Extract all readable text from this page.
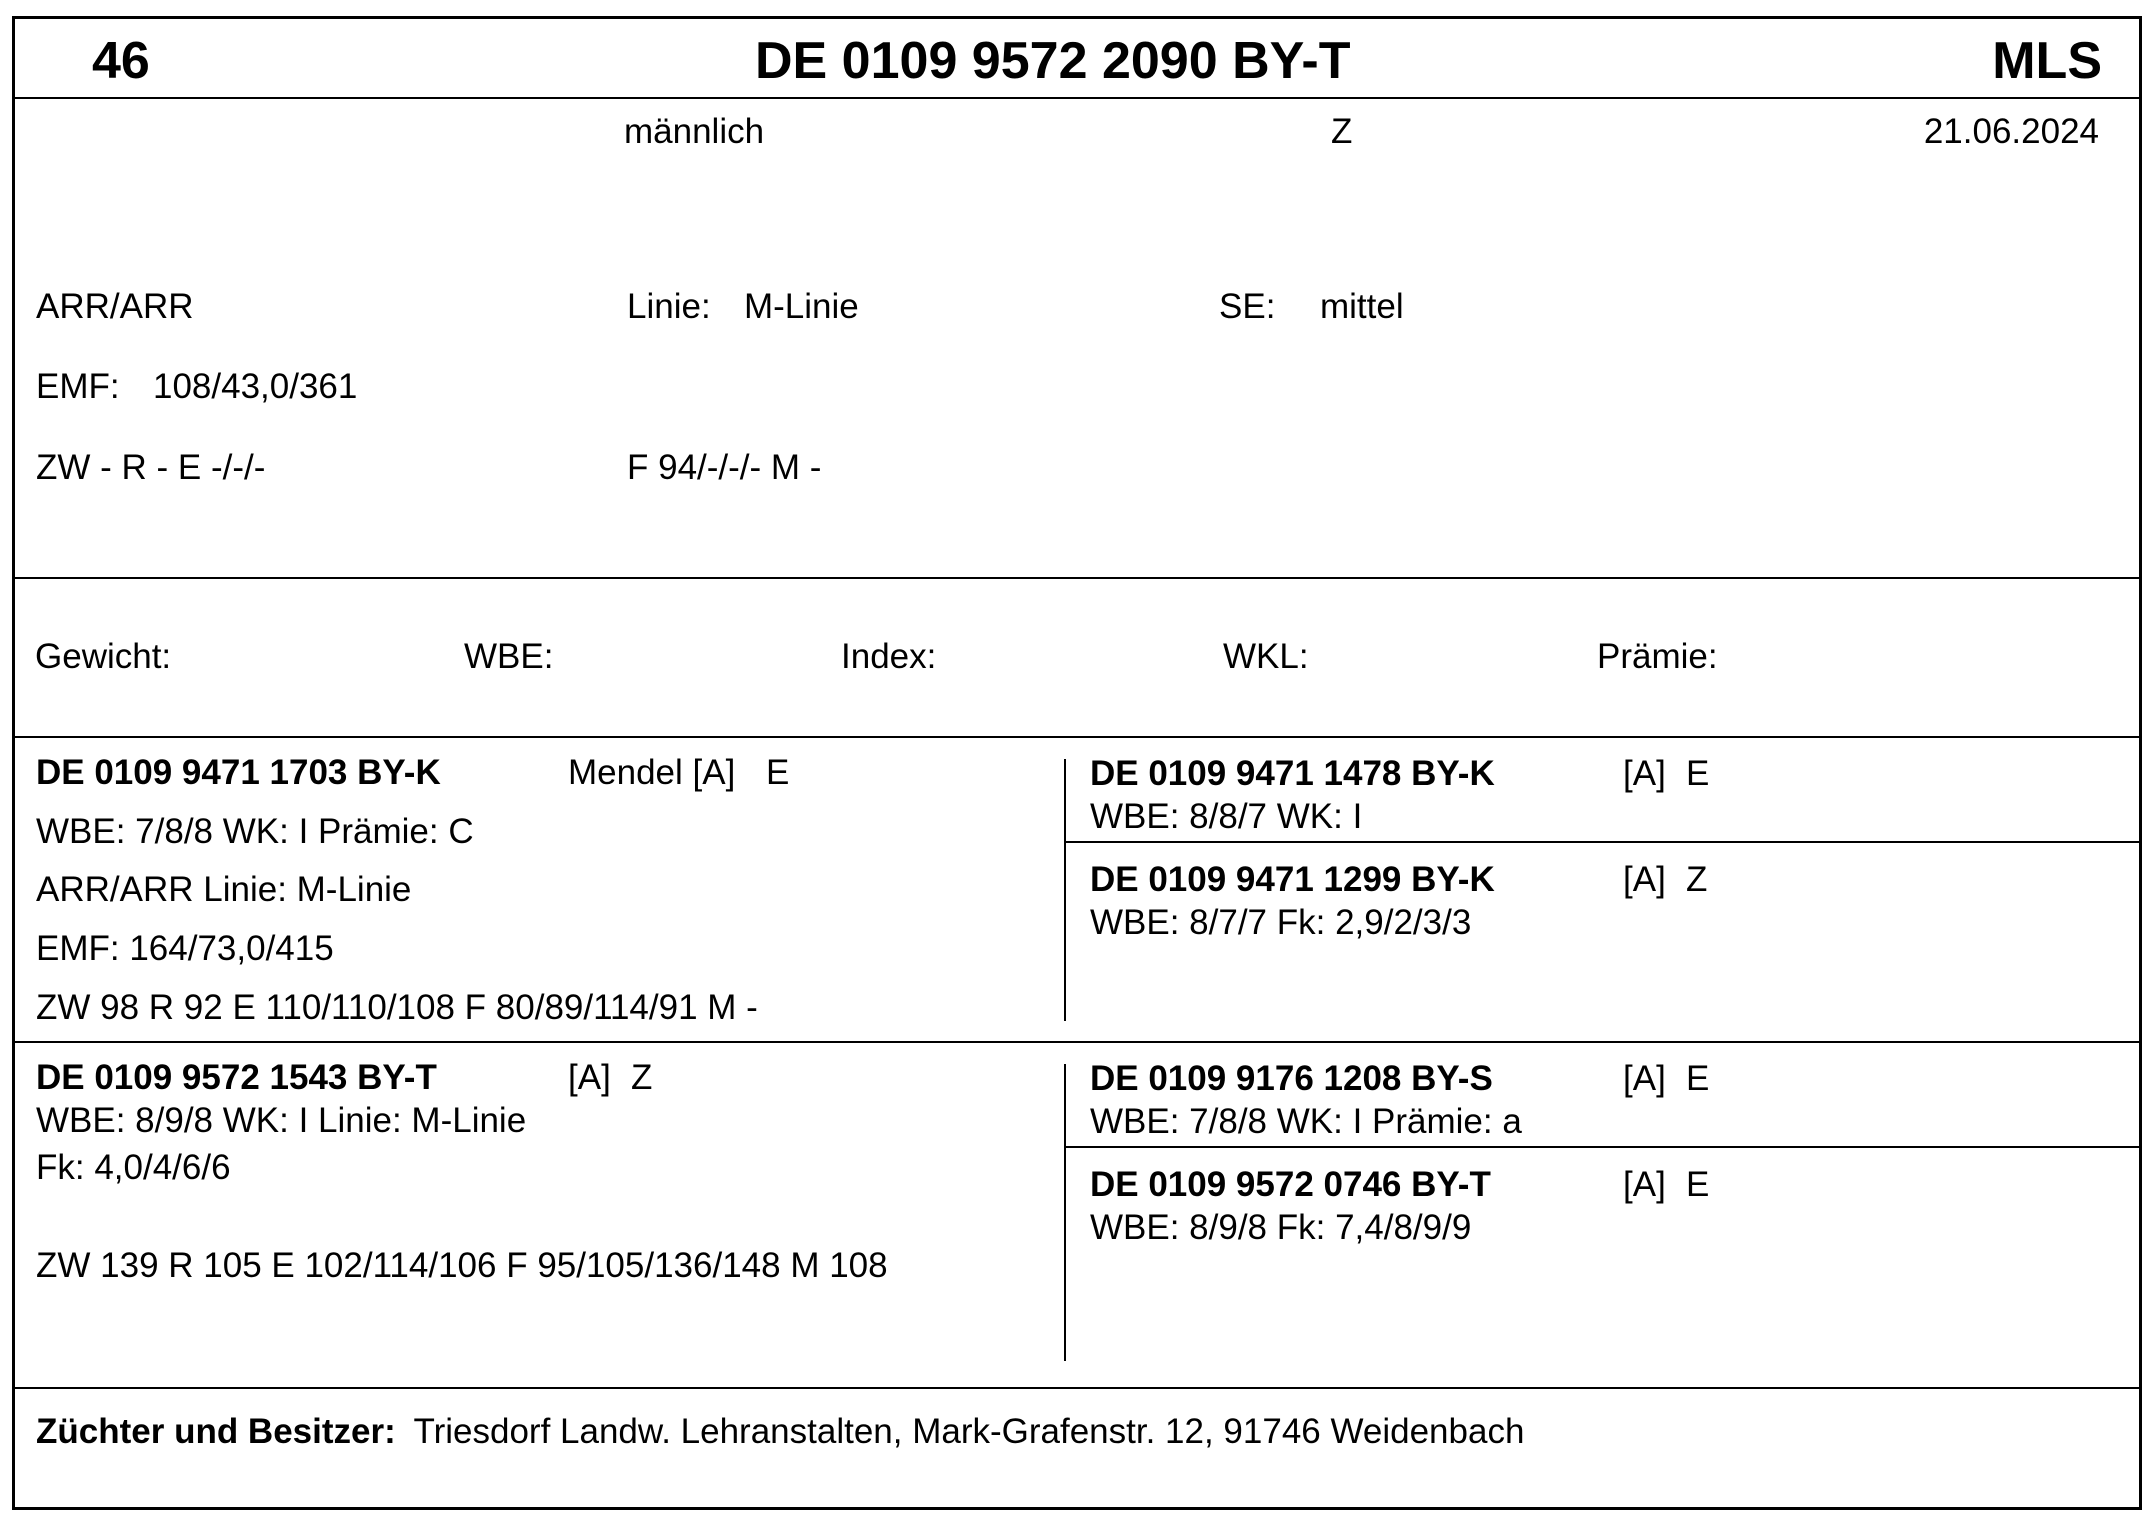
46	DE 0109 9572 2090 BY-T	MLS
männlich	Z	21.06.2024
ARR/ARR	Linie: M-Linie	SE: mittel
EMF: 108/43,0/361
ZW - R - E -/-/-	F 94/-/-/- M -
Gewicht:	WBE:	Index:	WKL:	Prämie:
DE 0109 9471 1703 BY-K	Mendel [A] E
WBE: 7/8/8 WK: I Prämie: C
ARR/ARR Linie: M-Linie
EMF: 164/73,0/415
ZW 98 R 92 E 110/110/108 F 80/89/114/91 M -
DE 0109 9471 1478 BY-K	[A] E
WBE: 8/8/7 WK: I
DE 0109 9471 1299 BY-K	[A] Z
WBE: 8/7/7 Fk: 2,9/2/3/3
DE 0109 9572 1543 BY-T	[A] Z
WBE: 8/9/8 WK: I Linie: M-Linie
Fk: 4,0/4/6/6
ZW 139 R 105 E 102/114/106 F 95/105/136/148 M 108
DE 0109 9176 1208 BY-S	[A] E
WBE: 7/8/8 WK: I Prämie: a
DE 0109 9572 0746 BY-T	[A] E
WBE: 8/9/8 Fk: 7,4/8/9/9
Züchter und Besitzer: Triesdorf Landw. Lehranstalten, Mark-Grafenstr. 12, 91746 Weidenbach
